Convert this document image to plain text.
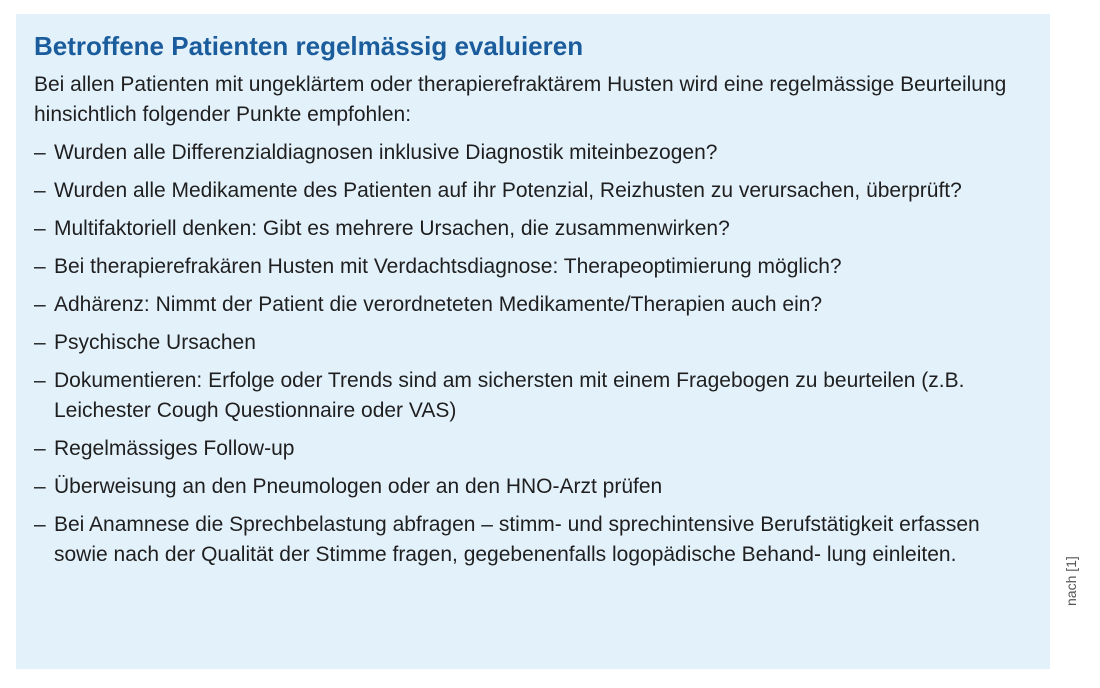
Betroffene Patienten regelmässig evaluieren

Bei allen Patienten mit ungeklärtem oder therapierefraktärem Husten wird eine regelmässige Beurteilung hinsichtlich folgender Punkte empfohlen:

– Wurden alle Differenzialdiagnosen inklusive Diagnostik miteinbezogen?
– Wurden alle Medikamente des Patienten auf ihr Potenzial, Reizhusten zu verursachen, überprüft?
– Multifaktoriell denken: Gibt es mehrere Ursachen, die zusammenwirken?
– Bei therapierefrakären Husten mit Verdachtsdiagnose: Therapeoptimierung möglich?
– Adhärenz: Nimmt der Patient die verordneteten Medikamente/Therapien auch ein?
– Psychische Ursachen
– Dokumentieren: Erfolge oder Trends sind am sichersten mit einem Fragebogen zu beurteilen (z.B. Leichester Cough Questionnaire oder VAS)
– Regelmässiges Follow-up
– Überweisung an den Pneumologen oder an den HNO-Arzt prüfen
– Bei Anamnese die Sprechbelastung abfragen – stimm- und sprechintensive Berufstätigkeit erfassen sowie nach der Qualität der Stimme fragen, gegebenenfalls logopädische Behand- lung einleiten.
nach [1]
